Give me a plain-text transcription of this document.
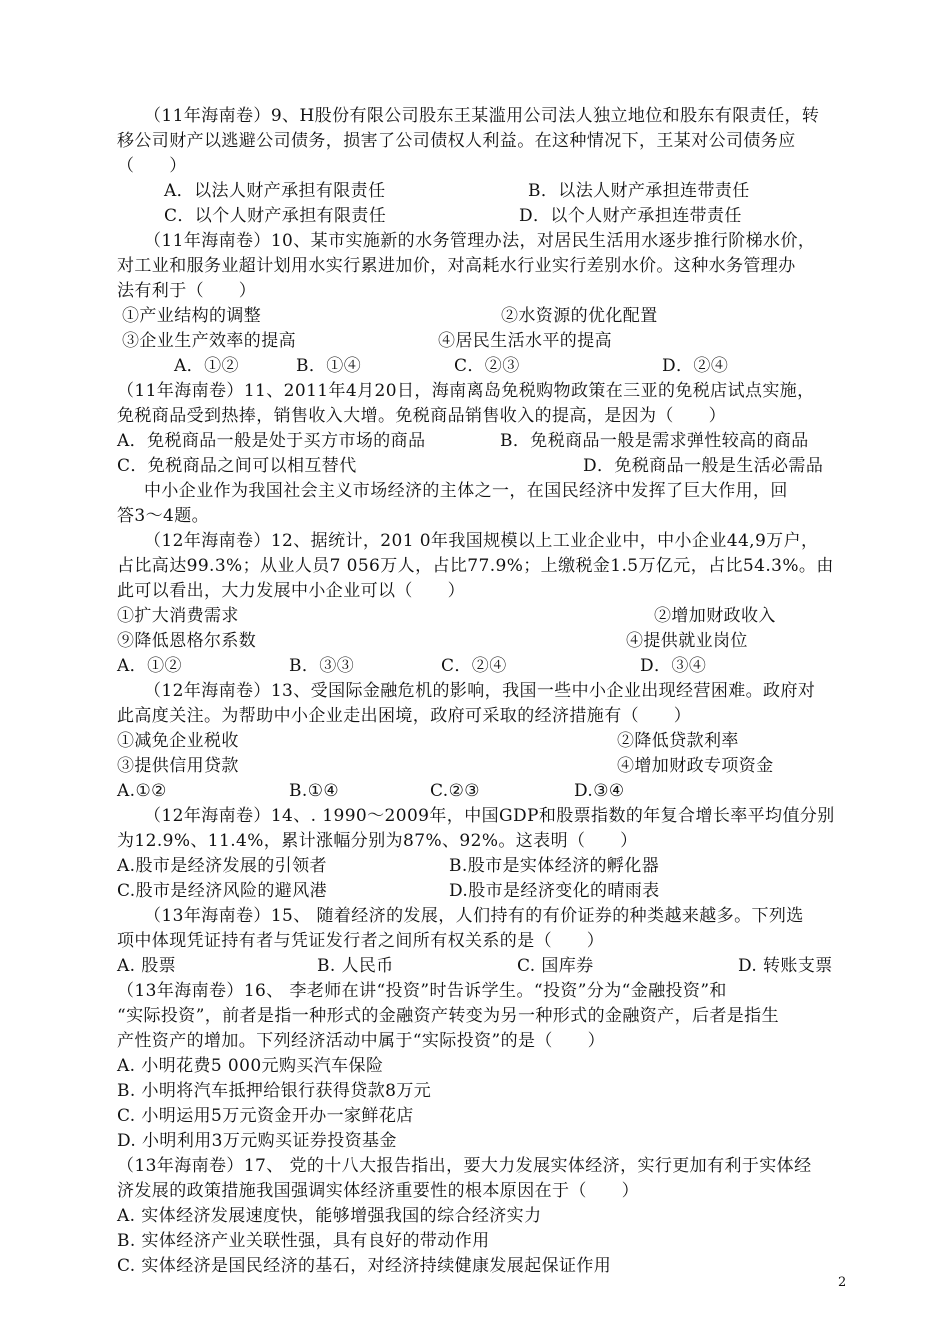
（11年海南卷）9、H股份有限公司股东王某滥用公司法人独立地位和股东有限责任，转
移公司财产以逃避公司债务，损害了公司债权人利益。在这种情况下，王某对公司债务应
（　　）
A．以法人财产承担有限责任	B．以法人财产承担连带责任
C．以个人财产承担有限责任	D．以个人财产承担连带责任
（11年海南卷）10、某市实施新的水务管理办法，对居民生活用水逐步推行阶梯水价，
对工业和服务业超计划用水实行累进加价，对高耗水行业实行差别水价。这种水务管理办
法有利于（　　）
①产业结构的调整	②水资源的优化配置
③企业生产效率的提高	④居民生活水平的提高
A．①②	B．①④	C．②③	D．②④
（11年海南卷）11、2011年4月20日，海南离岛免税购物政策在三亚的免税店试点实施，
免税商品受到热捧，销售收入大增。免税商品销售收入的提高，是因为（　　）
A．免税商品一般是处于买方市场的商品	B．免税商品一般是需求弹性较高的商品
C．免税商品之间可以相互替代	D．免税商品一般是生活必需品
中小企业作为我国社会主义市场经济的主体之一，在国民经济中发挥了巨大作用，回
答3～4题。
（12年海南卷）12、据统计，201 0年我国规模以上工业企业中，中小企业44,9万户，
占比高达99.3%；从业人员7 056万人，占比77.9%；上缴税金1.5万亿元，占比54.3%。由
此可以看出，大力发展中小企业可以（　　）
①扩大消费需求	②增加财政收入
⑨降低恩格尔系数	④提供就业岗位
A．①②	B．③③	C．②④	D．③④
（12年海南卷）13、受国际金融危机的影响，我国一些中小企业出现经营困难。政府对
此高度关注。为帮助中小企业走出困境，政府可采取的经济措施有（　　）
①减免企业税收	②降低贷款利率
③提供信用贷款	④增加财政专项资金
A.①②	B.①④	C.②③	D.③④
（12年海南卷）14、. 1990～2009年，中国GDP和股票指数的年复合增长率平均值分别
为12.9%、11.4%，累计涨幅分别为87%、92%。这表明（　　）
A.股市是经济发展的引领者	B.股市是实体经济的孵化器
C.股市是经济风险的避风港	D.股市是经济变化的晴雨表
（13年海南卷）15、 随着经济的发展，人们持有的有价证券的种类越来越多。下列选
项中体现凭证持有者与凭证发行者之间所有权关系的是（　　）
A. 股票	B. 人民币	C. 国库券	D. 转账支票
（13年海南卷）16、 李老师在讲“投资”时告诉学生。“投资”分为“金融投资”和
“实际投资”，前者是指一种形式的金融资产转变为另一种形式的金融资产，后者是指生
产性资产的增加。下列经济活动中属于“实际投资”的是（　　）
A. 小明花费5 000元购买汽车保险
B. 小明将汽车抵押给银行获得贷款8万元
C. 小明运用5万元资金开办一家鲜花店
D. 小明利用3万元购买证券投资基金
（13年海南卷）17、 党的十八大报告指出，要大力发展实体经济，实行更加有利于实体经
济发展的政策措施我国强调实体经济重要性的根本原因在于（　　）
A. 实体经济发展速度快，能够增强我国的综合经济实力
B. 实体经济产业关联性强，具有良好的带动作用
C. 实体经济是国民经济的基石，对经济持续健康发展起保证作用
2
